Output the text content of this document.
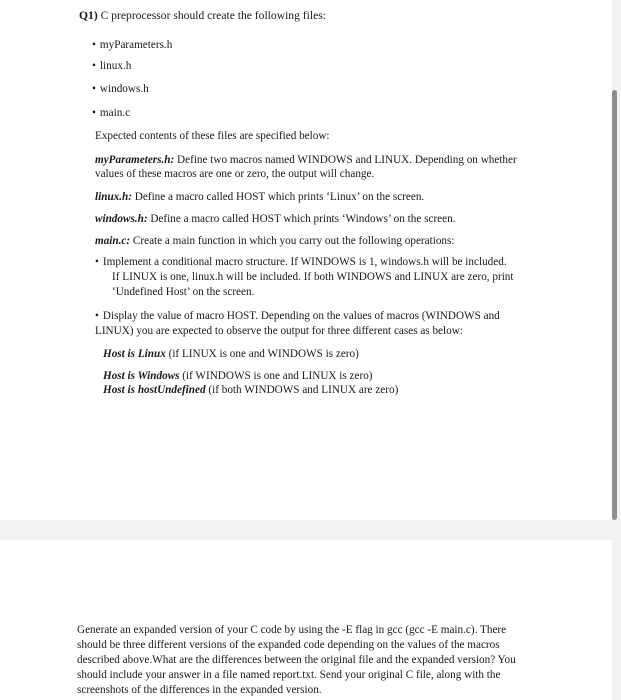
Q1) C preprocessor should create the following files:
• myParameters.h
• linux.h
• windows.h
• main.c
Expected contents of these files are specified below:
myParameters.h: Define two macros named WINDOWS and LINUX. Depending on whether
values of these macros are one or zero, the output will change.
linux.h: Define a macro called HOST which prints ‘Linux’ on the screen.
windows.h: Define a macro called HOST which prints ‘Windows’ on the screen.
main.c: Create a main function in which you carry out the following operations:
• Implement a conditional macro structure. If WINDOWS is 1, windows.h will be included.
If LINUX is one, linux.h will be included. If both WINDOWS and LINUX are zero, print
‘Undefined Host’ on the screen.
• Display the value of macro HOST. Depending on the values of macros (WINDOWS and
LINUX) you are expected to observe the output for three different cases as below:
Host is Linux (if LINUX is one and WINDOWS is zero)
Host is Windows (if WINDOWS is one and LINUX is zero)
Host is hostUndefined (if both WINDOWS and LINUX are zero)
Generate an expanded version of your C code by using the -E flag in gcc (gcc -E main.c). There
should be three different versions of the expanded code depending on the values of the macros
described above.What are the differences between the original file and the expanded version? You
should include your answer in a file named report.txt. Send your original C file, along with the
screenshots of the differences in the expanded version.
